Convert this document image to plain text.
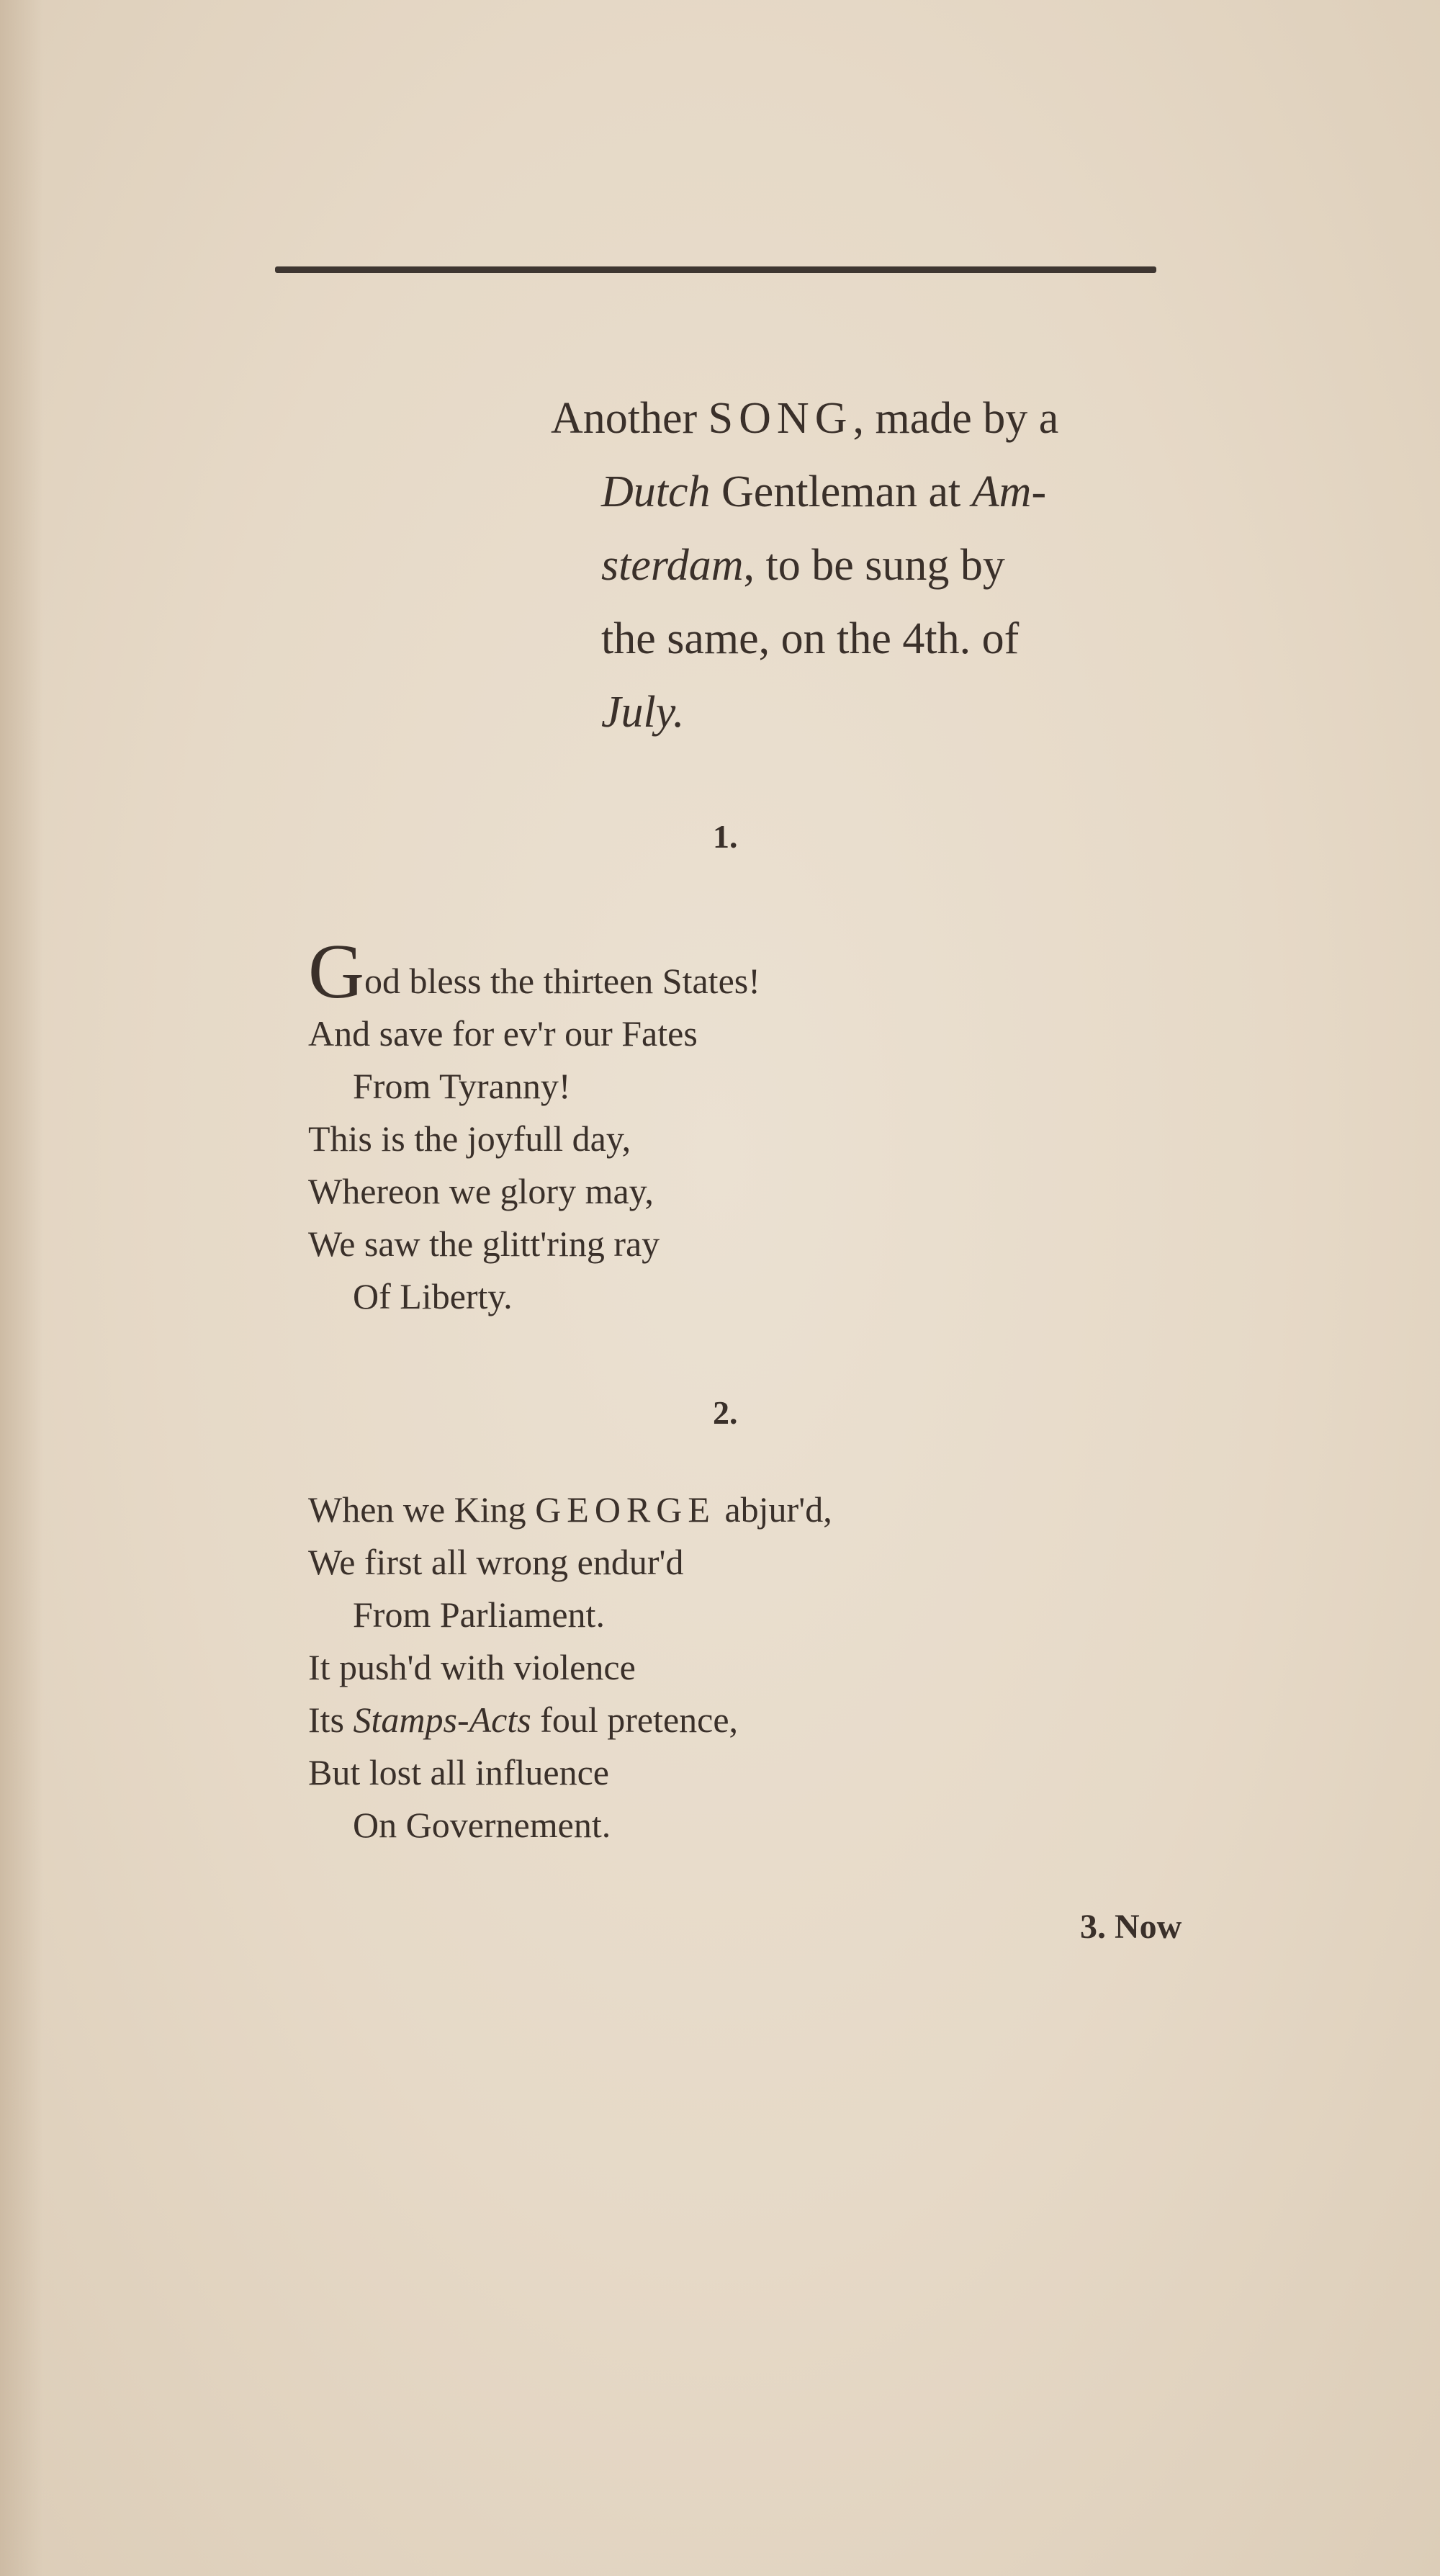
Another SONG, made by a
Dutch Gentleman at Am-
sterdam, to be sung by
the same, on the 4th. of
July.
1.
God bless the thirteen States!
And save for ev'r our Fates
From Tyranny!
This is the joyfull day,
Whereon we glory may,
We saw the glitt'ring ray
Of Liberty.
2.
When we King GEORGE abjur'd,
We first all wrong endur'd
From Parliament.
It push'd with violence
Its Stamps-Acts foul pretence,
But lost all influence
On Governement.
3. Now
